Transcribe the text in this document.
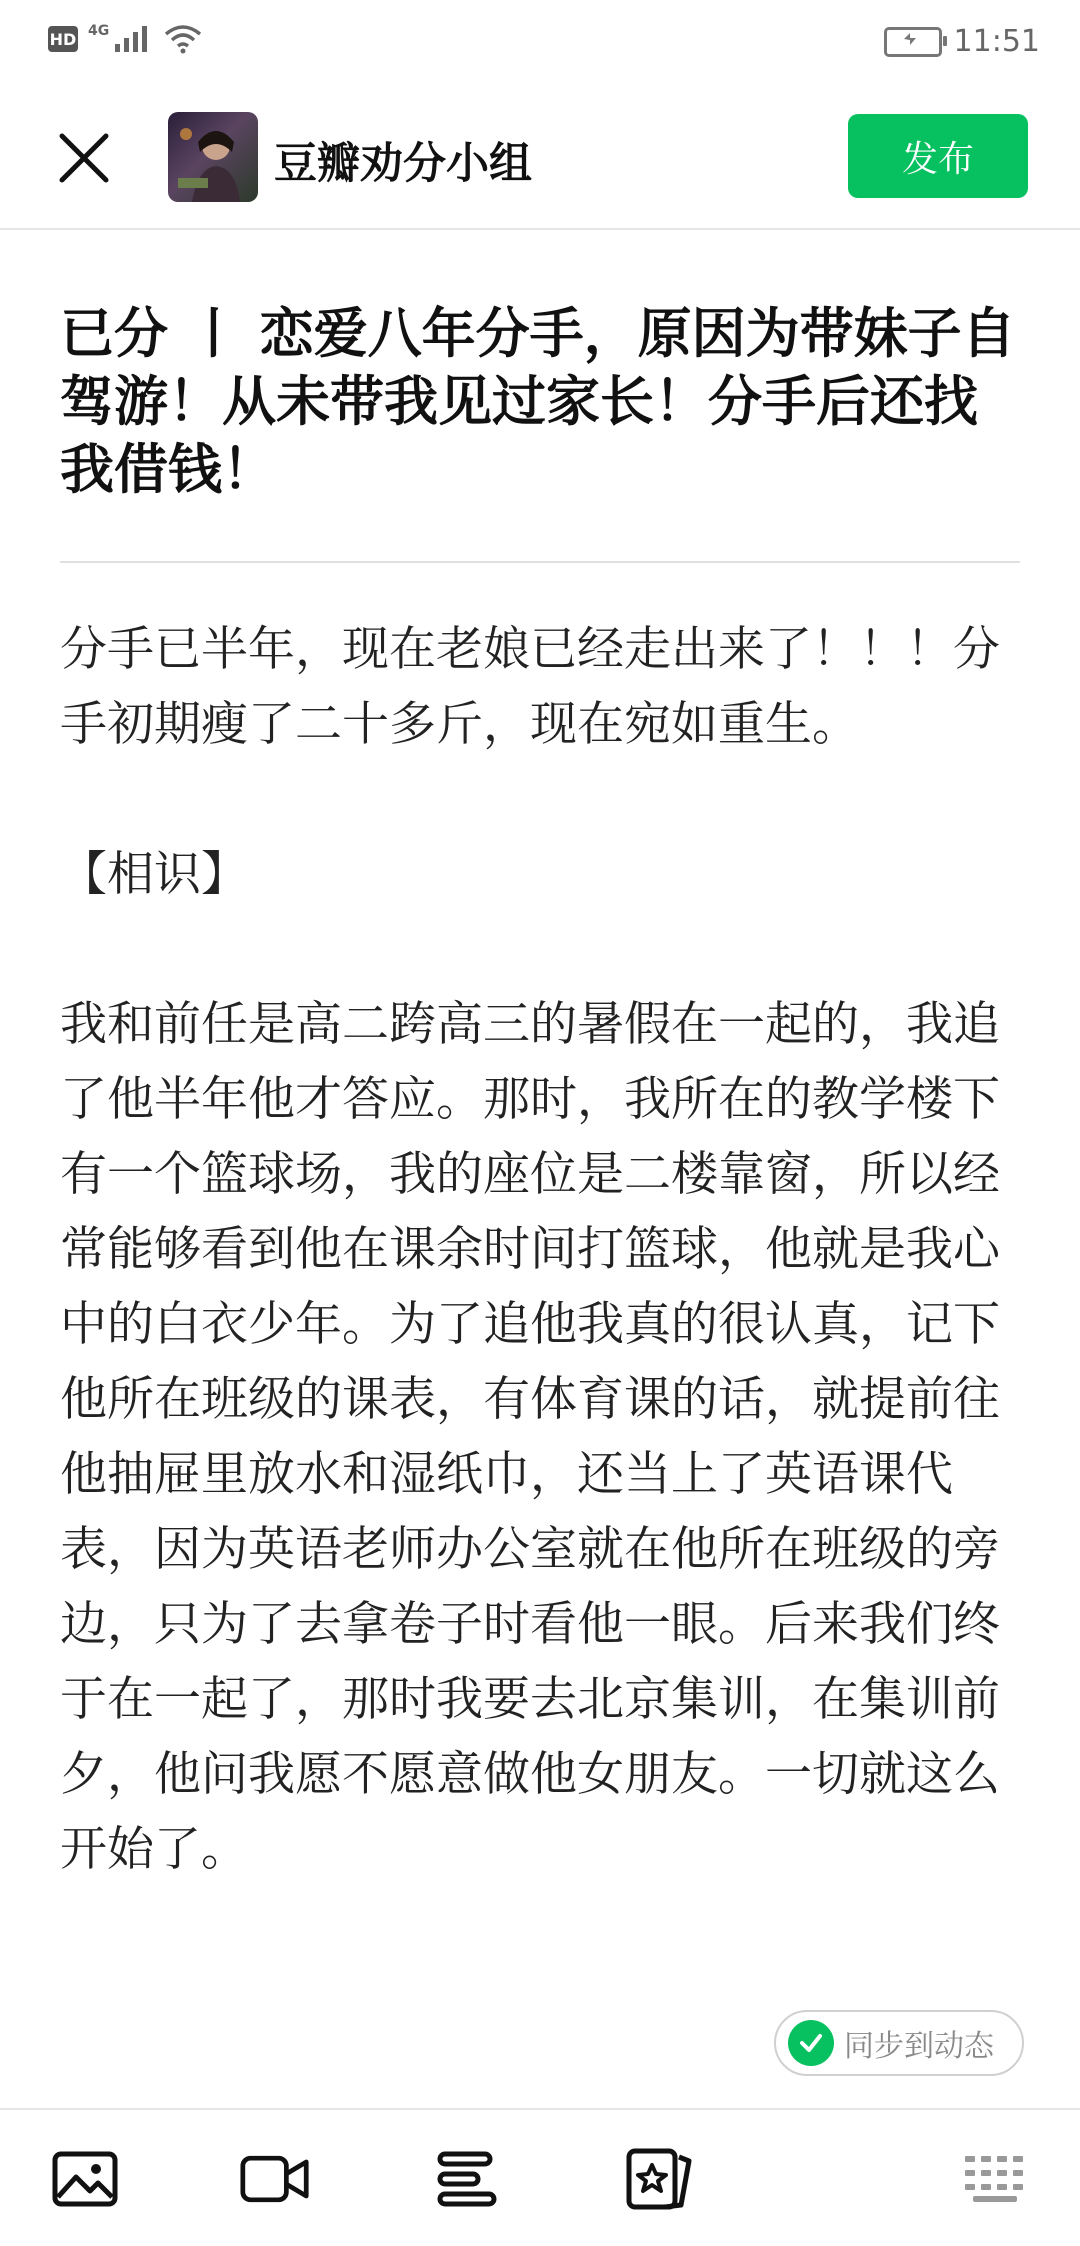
HD 4G	11:51
豆瓣劝分小组	发布
已分 丨 恋爱八年分手，原因为带妹子自驾游！从未带我见过家长！分手后还找我借钱！

分手已半年，现在老娘已经走出来了！！！分手初期瘦了二十多斤，现在宛如重生。

【相识】

我和前任是高二跨高三的暑假在一起的，我追了他半年他才答应。那时，我所在的教学楼下有一个篮球场，我的座位是二楼靠窗，所以经常能够看到他在课余时间打篮球，他就是我心中的白衣少年。为了追他我真的很认真，记下他所在班级的课表，有体育课的话，就提前往他抽屉里放水和湿纸巾，还当上了英语课代表，因为英语老师办公室就在他所在班级的旁边，只为了去拿卷子时看他一眼。后来我们终于在一起了，那时我要去北京集训，在集训前夕，他问我愿不愿意做他女朋友。一切就这么开始了。

同步到动态
